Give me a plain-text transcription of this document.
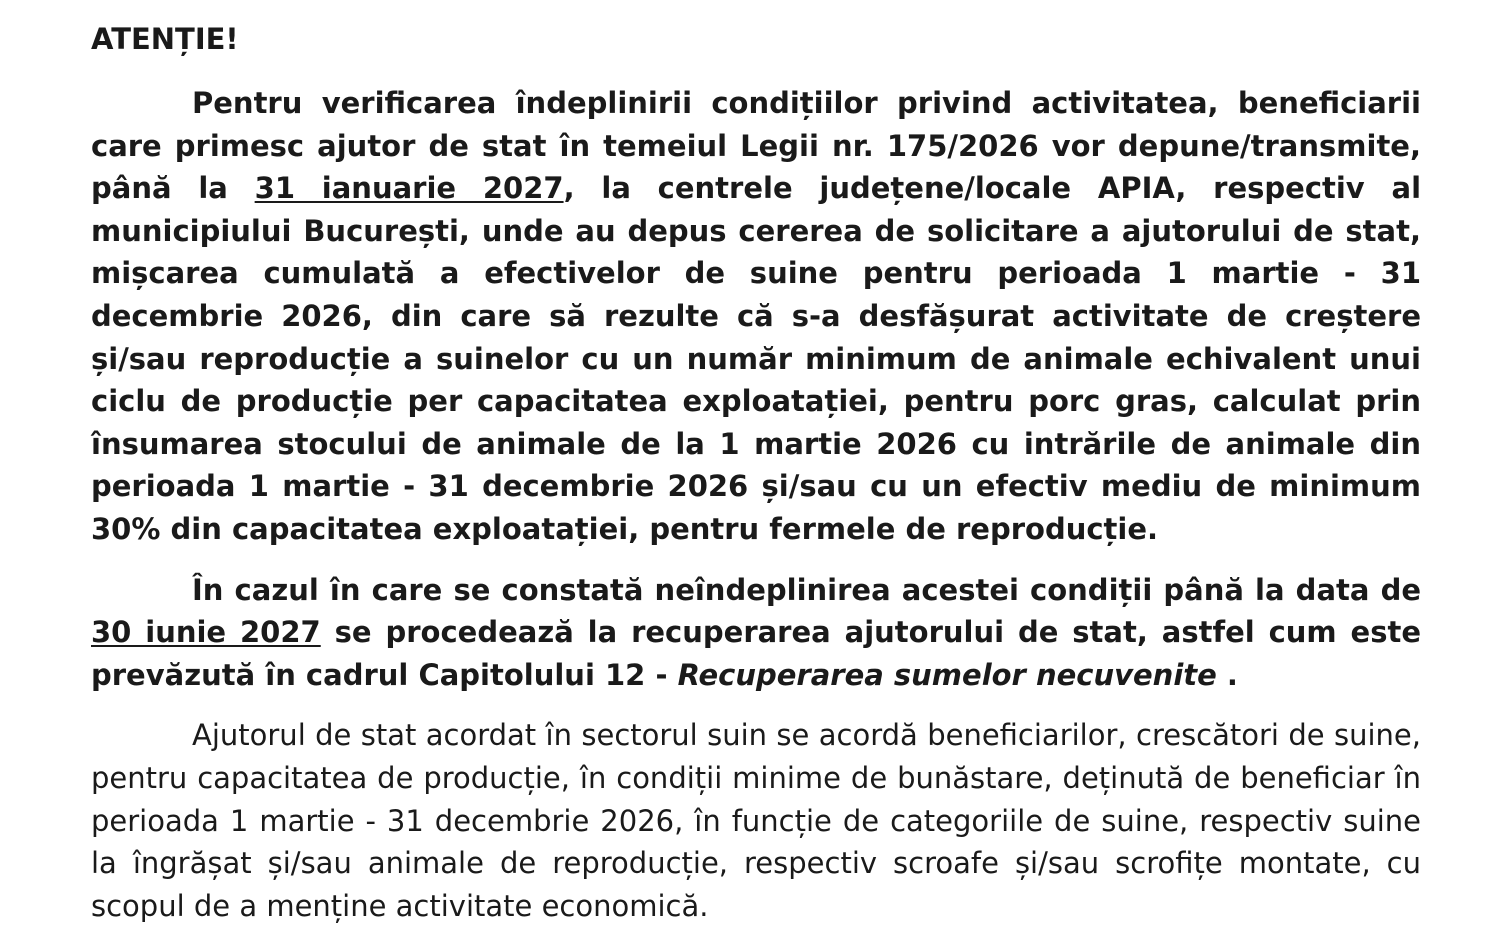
ATENȚIE!

Pentru verificarea îndeplinirii condițiilor privind activitatea, beneficiarii care primesc ajutor de stat în temeiul Legii nr. 175/2026 vor depune/transmite, până la 31 ianuarie 2027, la centrele județene/locale APIA, respectiv al municipiului București, unde au depus cererea de solicitare a ajutorului de stat, mișcarea cumulată a efectivelor de suine pentru perioada 1 martie - 31 decembrie 2026, din care să rezulte că s-a desfășurat activitate de creștere și/sau reproducție a suinelor cu un număr minimum de animale echivalent unui ciclu de producție per capacitatea exploatației, pentru porc gras, calculat prin însumarea stocului de animale de la 1 martie 2026 cu intrările de animale din perioada 1 martie - 31 decembrie 2026 și/sau cu un efectiv mediu de minimum 30% din capacitatea exploatației, pentru fermele de reproducție.

În cazul în care se constată neîndeplinirea acestei condiții până la data de 30 iunie 2027 se procedează la recuperarea ajutorului de stat, astfel cum este prevăzută în cadrul Capitolului 12 - Recuperarea sumelor necuvenite .

Ajutorul de stat acordat în sectorul suin se acordă beneficiarilor, crescători de suine, pentru capacitatea de producție, în condiții minime de bunăstare, deținută de beneficiar în perioada 1 martie - 31 decembrie 2026, în funcție de categoriile de suine, respectiv suine la îngrășat și/sau animale de reproducție, respectiv scroafe și/sau scrofițe montate, cu scopul de a menține activitate economică.
